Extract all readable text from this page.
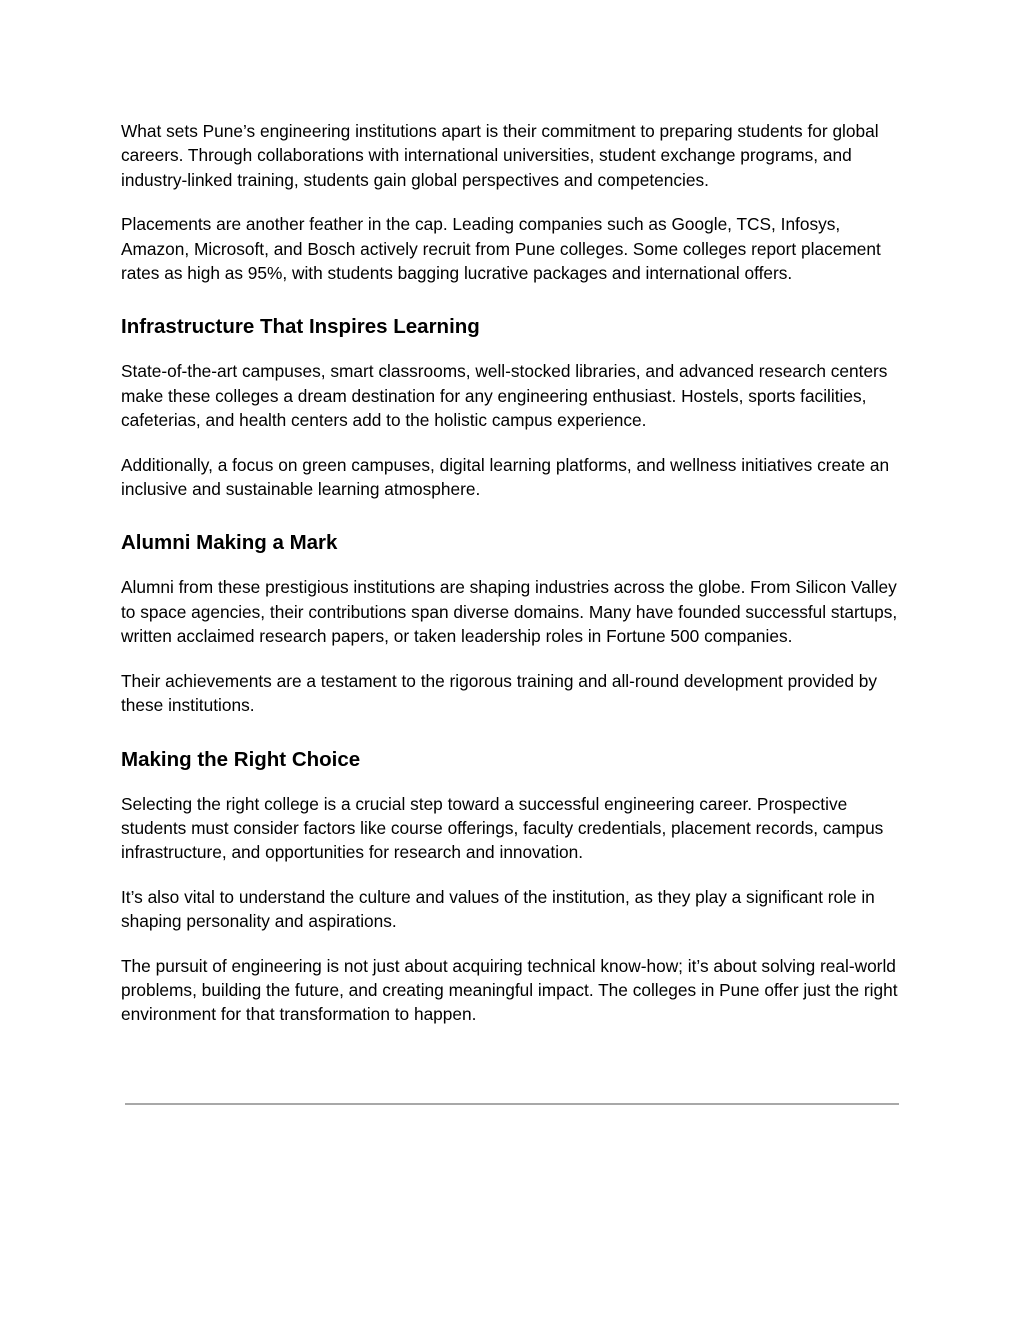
What sets Pune’s engineering institutions apart is their commitment to preparing students for global careers. Through collaborations with international universities, student exchange programs, and industry-linked training, students gain global perspectives and competencies.

Placements are another feather in the cap. Leading companies such as Google, TCS, Infosys, Amazon, Microsoft, and Bosch actively recruit from Pune colleges. Some colleges report placement rates as high as 95%, with students bagging lucrative packages and international offers.

Infrastructure That Inspires Learning

State-of-the-art campuses, smart classrooms, well-stocked libraries, and advanced research centers make these colleges a dream destination for any engineering enthusiast. Hostels, sports facilities, cafeterias, and health centers add to the holistic campus experience.

Additionally, a focus on green campuses, digital learning platforms, and wellness initiatives create an inclusive and sustainable learning atmosphere.

Alumni Making a Mark

Alumni from these prestigious institutions are shaping industries across the globe. From Silicon Valley to space agencies, their contributions span diverse domains. Many have founded successful startups, written acclaimed research papers, or taken leadership roles in Fortune 500 companies.

Their achievements are a testament to the rigorous training and all-round development provided by these institutions.

Making the Right Choice

Selecting the right college is a crucial step toward a successful engineering career. Prospective students must consider factors like course offerings, faculty credentials, placement records, campus infrastructure, and opportunities for research and innovation.

It’s also vital to understand the culture and values of the institution, as they play a significant role in shaping personality and aspirations.

The pursuit of engineering is not just about acquiring technical know-how; it’s about solving real-world problems, building the future, and creating meaningful impact. The colleges in Pune offer just the right environment for that transformation to happen.
